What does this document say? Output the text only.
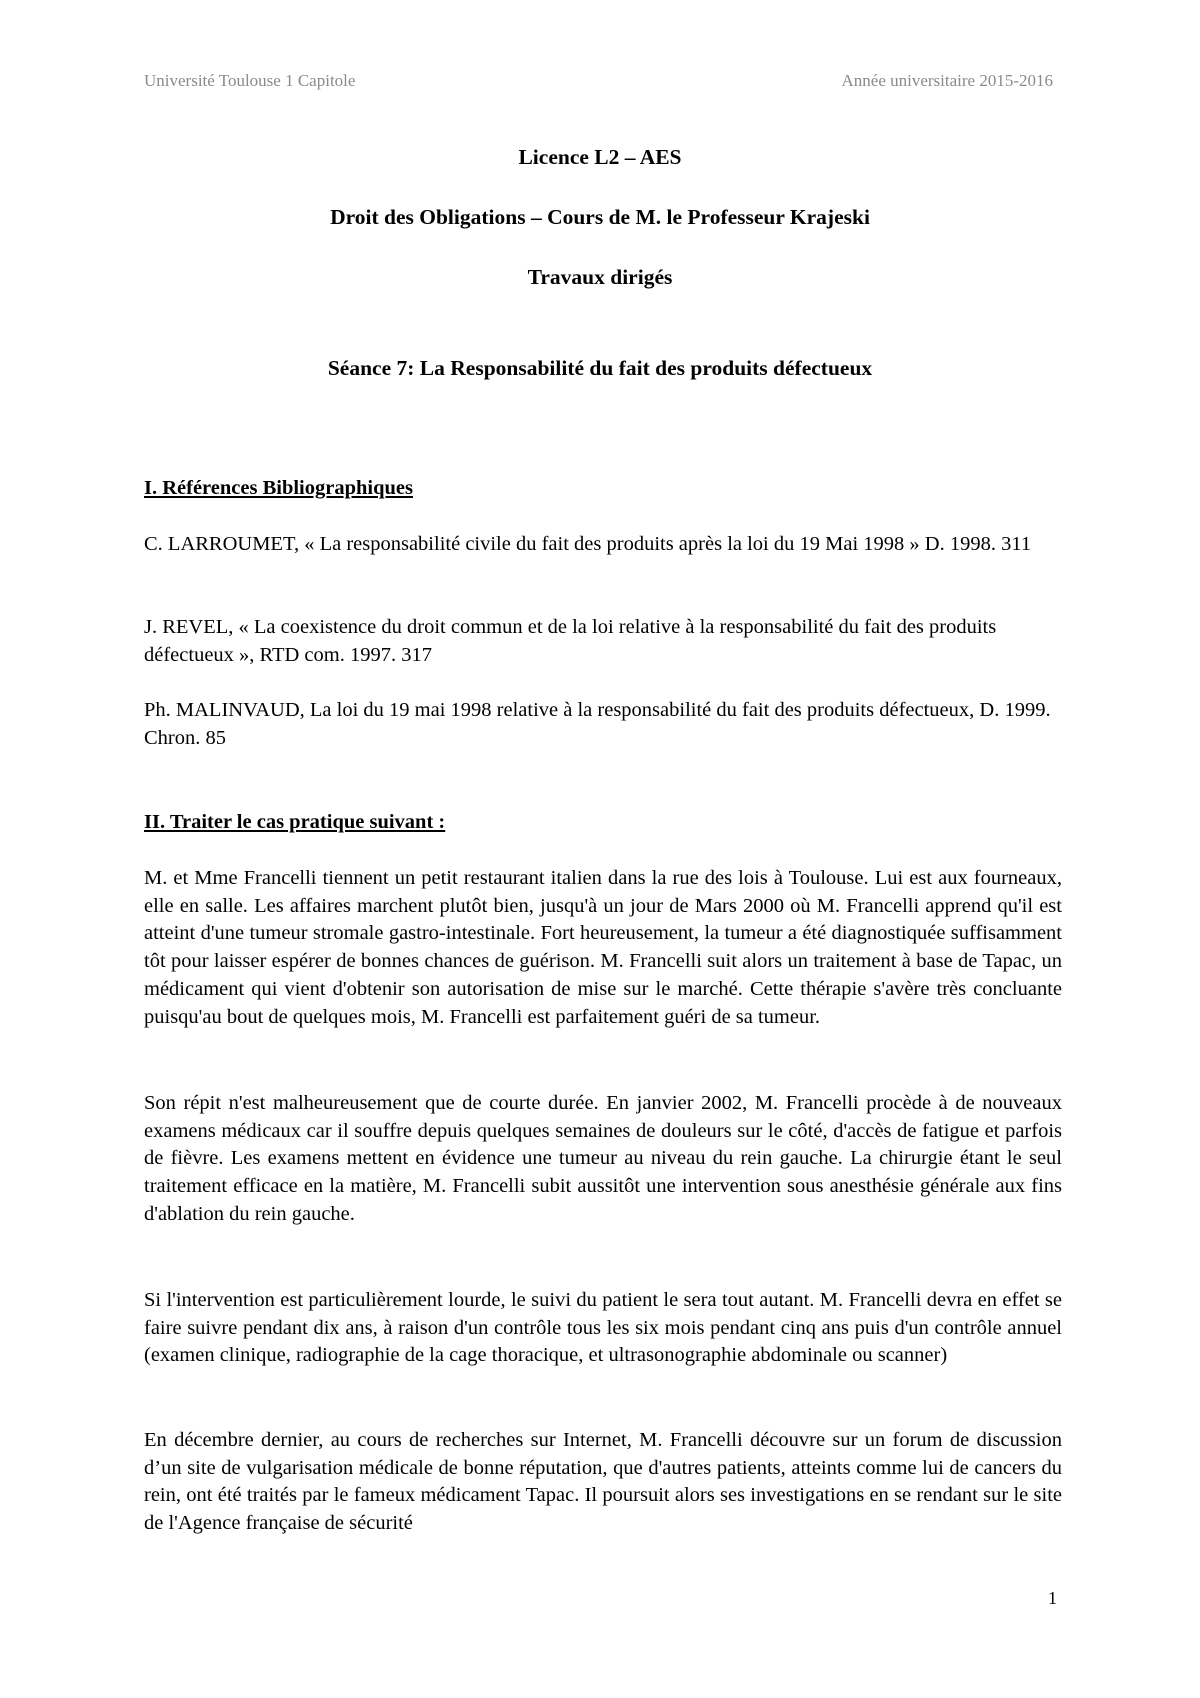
Université Toulouse 1 Capitole	Année universitaire 2015-2016
Licence L2 – AES
Droit des Obligations – Cours de M. le Professeur Krajeski
Travaux dirigés
Séance 7: La Responsabilité du fait des produits défectueux
I. Références Bibliographiques
C. LARROUMET, « La responsabilité civile du fait des produits après la loi du 19 Mai 1998 » D. 1998. 311
J. REVEL, « La coexistence du droit commun et de la loi relative à la responsabilité du fait des produits défectueux », RTD com. 1997. 317
Ph. MALINVAUD, La loi du 19 mai 1998 relative à la responsabilité du fait des produits défectueux, D. 1999. Chron. 85
II. Traiter le cas pratique suivant :
M. et Mme Francelli tiennent un petit restaurant italien dans la rue des lois à Toulouse. Lui est aux fourneaux, elle en salle. Les affaires marchent plutôt bien, jusqu'à un jour de Mars 2000 où M. Francelli apprend qu'il est atteint d'une tumeur stromale gastro-intestinale. Fort heureusement, la tumeur a été diagnostiquée suffisamment tôt pour laisser espérer de bonnes chances de guérison. M. Francelli suit alors un traitement à base de Tapac, un médicament qui vient d'obtenir son autorisation de mise sur le marché. Cette thérapie s'avère très concluante puisqu'au bout de quelques mois, M. Francelli est parfaitement guéri de sa tumeur.
Son répit n'est malheureusement que de courte durée. En janvier 2002, M. Francelli procède à de nouveaux examens médicaux car il souffre depuis quelques semaines de douleurs sur le côté, d'accès de fatigue et parfois de fièvre. Les examens mettent en évidence une tumeur au niveau du rein gauche. La chirurgie étant le seul traitement efficace en la matière, M. Francelli subit aussitôt une intervention sous anesthésie générale aux fins d'ablation du rein gauche.
Si l'intervention est particulièrement lourde, le suivi du patient le sera tout autant. M. Francelli devra en effet se faire suivre pendant dix ans, à raison d'un contrôle tous les six mois pendant cinq ans puis d'un contrôle annuel (examen clinique, radiographie de la cage thoracique, et ultrasonographie abdominale ou scanner)
En décembre dernier, au cours de recherches sur Internet, M. Francelli découvre sur un forum de discussion d’un site de vulgarisation médicale de bonne réputation, que d'autres patients, atteints comme lui de cancers du rein, ont été traités par le fameux médicament Tapac. Il poursuit alors ses investigations en se rendant sur le site de l'Agence française de sécurité
1
